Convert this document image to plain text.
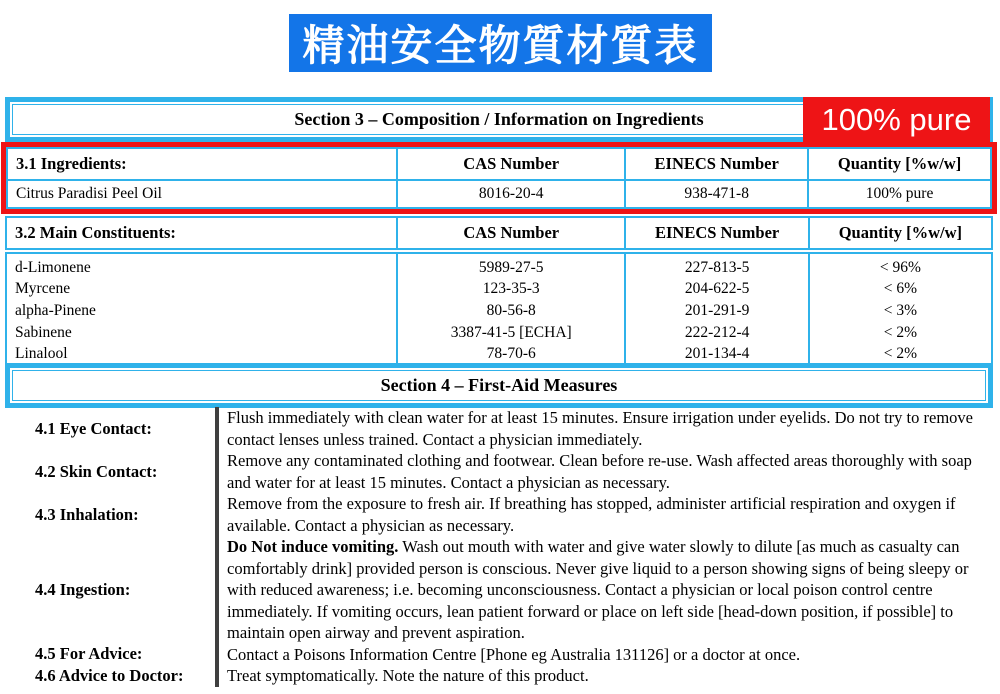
精油安全物質材質表
100% pure
Section 3 – Composition / Information on Ingredients
3.1 Ingredients:	CAS Number	EINECS Number	Quantity [%w/w]
Citrus Paradisi Peel Oil	8016-20-4	938-471-8	100% pure
3.2 Main Constituents:	CAS Number	EINECS Number	Quantity [%w/w]
d-Limonene	5989-27-5	227-813-5	< 96%
Myrcene	123-35-3	204-622-5	< 6%
alpha-Pinene	80-56-8	201-291-9	< 3%
Sabinene	3387-41-5 [ECHA]	222-212-4	< 2%
Linalool	78-70-6	201-134-4	< 2%
Section 4 – First-Aid Measures
4.1 Eye Contact:
Flush immediately with clean water for at least 15 minutes. Ensure irrigation under eyelids. Do not try to remove contact lenses unless trained. Contact a physician immediately.
4.2 Skin Contact:
Remove any contaminated clothing and footwear. Clean before re-use. Wash affected areas thoroughly with soap and water for at least 15 minutes. Contact a physician as necessary.
4.3 Inhalation:
Remove from the exposure to fresh air. If breathing has stopped, administer artificial respiration and oxygen if available. Contact a physician as necessary.
4.4 Ingestion:
Do Not induce vomiting. Wash out mouth with water and give water slowly to dilute [as much as casualty can comfortably drink] provided person is conscious. Never give liquid to a person showing signs of being sleepy or with reduced awareness; i.e. becoming unconsciousness. Contact a physician or local poison control centre immediately. If vomiting occurs, lean patient forward or place on left side [head-down position, if possible] to maintain open airway and prevent aspiration.
4.5 For Advice:	Contact a Poisons Information Centre [Phone eg Australia 131126] or a doctor at once.
4.6 Advice to Doctor:	Treat symptomatically. Note the nature of this product.
